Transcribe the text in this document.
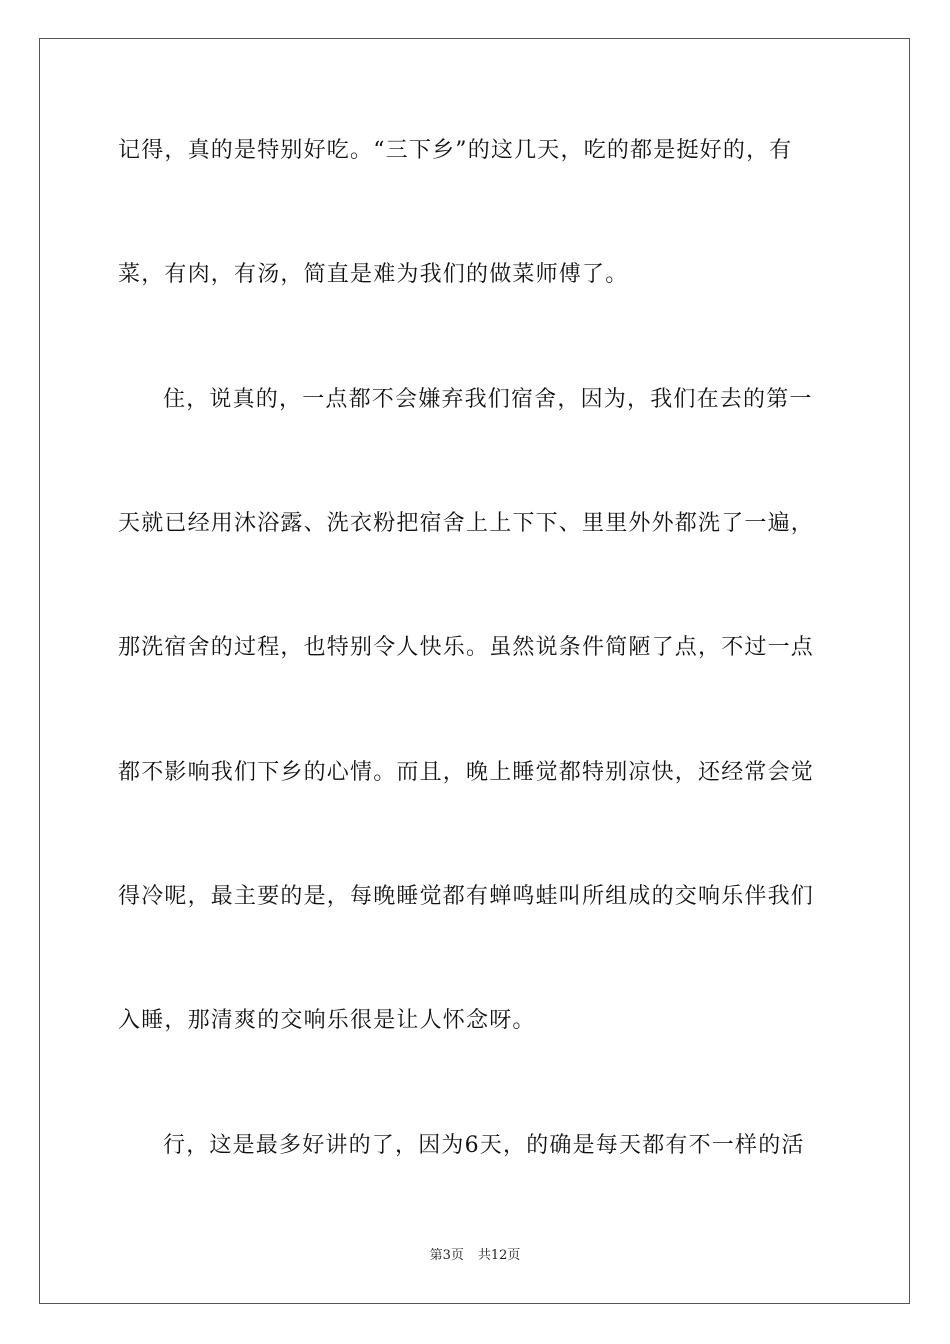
记得，真的是特别好吃。“三下乡”的这几天，吃的都是挺好的，有
菜，有肉，有汤，简直是难为我们的做菜师傅了。
住，说真的，一点都不会嫌弃我们宿舍，因为，我们在去的第一
天就已经用沐浴露、洗衣粉把宿舍上上下下、里里外外都洗了一遍，
那洗宿舍的过程，也特别令人快乐。虽然说条件简陋了点，不过一点
都不影响我们下乡的心情。而且，晚上睡觉都特别凉快，还经常会觉
得冷呢，最主要的是，每晚睡觉都有蝉鸣蛙叫所组成的交响乐伴我们
入睡，那清爽的交响乐很是让人怀念呀。
行，这是最多好讲的了，因为6天，的确是每天都有不一样的活
第3页 共12页
